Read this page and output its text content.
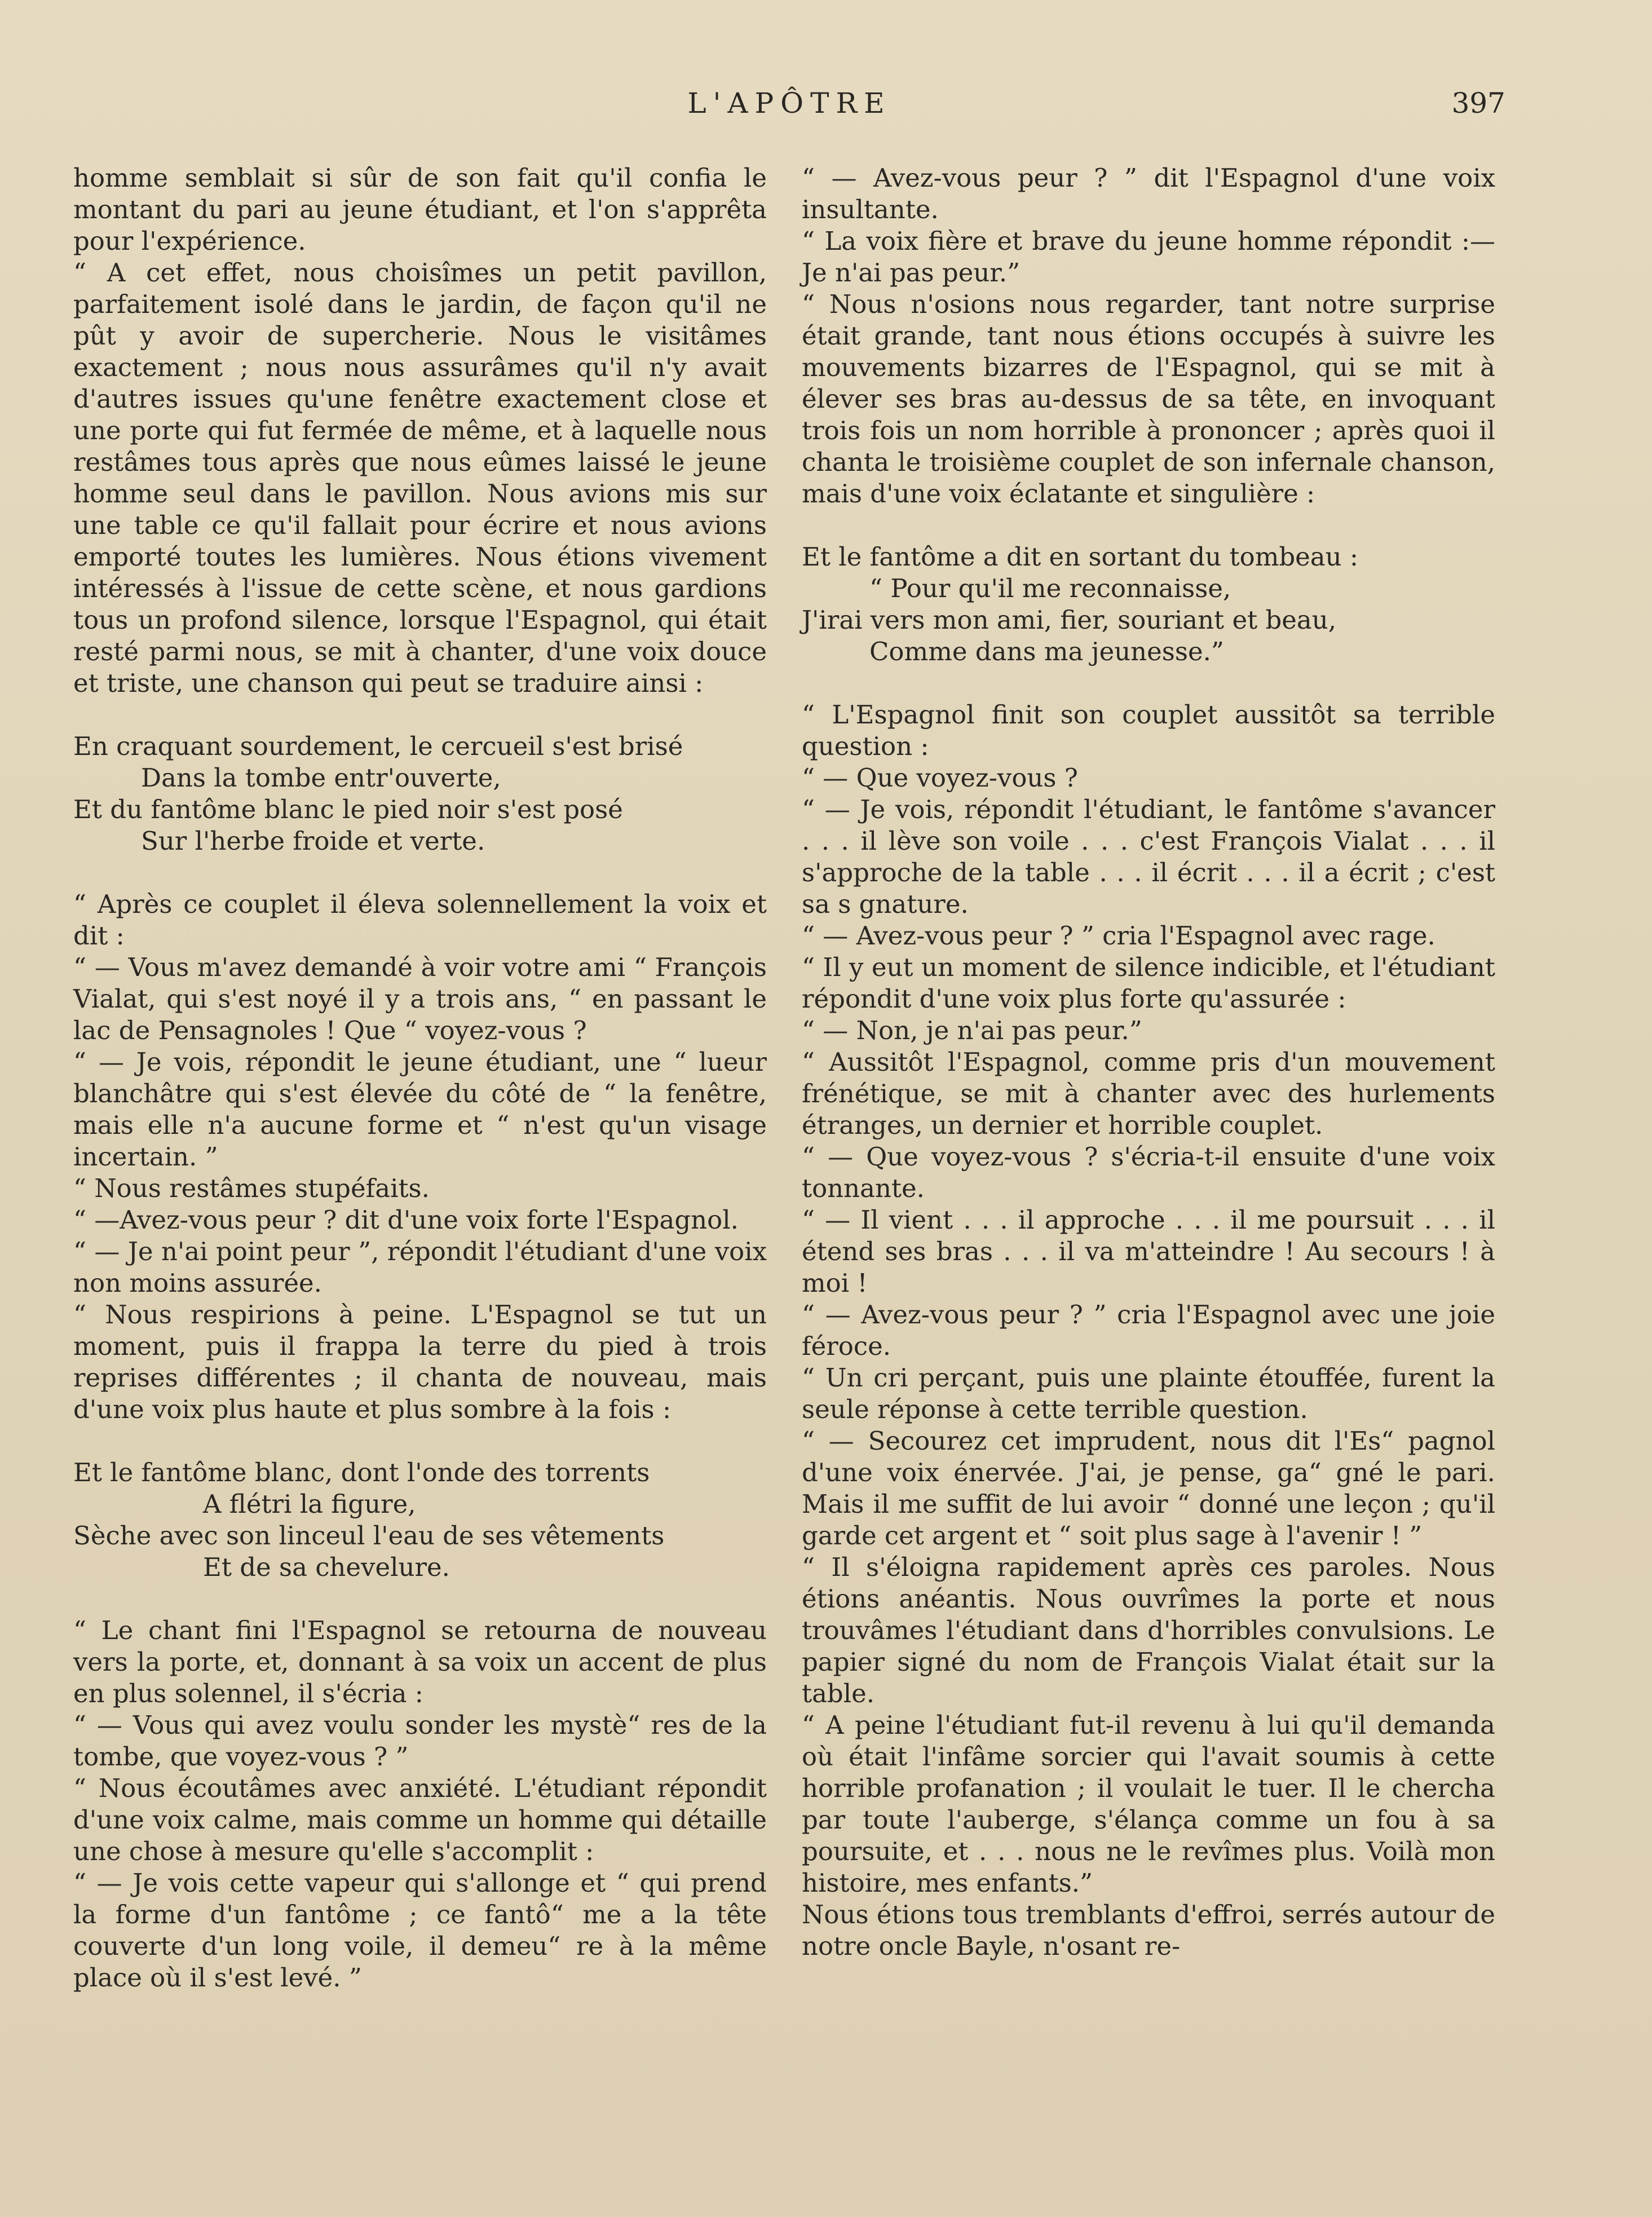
L'APÔTRE	397

homme semblait si sûr de son fait qu'il confia le montant du pari au jeune étudiant, et l'on s'apprêta pour l'expérience.

“ A cet effet, nous choisîmes un petit pavillon, parfaitement isolé dans le jardin, de façon qu'il ne pût y avoir de supercherie. Nous le visitâmes exactement ; nous nous assurâmes qu'il n'y avait d'autres issues qu'une fenêtre exactement close et une porte qui fut fermée de même, et à laquelle nous restâmes tous après que nous eûmes laissé le jeune homme seul dans le pavillon. Nous avions mis sur une table ce qu'il fallait pour écrire et nous avions emporté toutes les lumières. Nous étions vivement intéressés à l'issue de cette scène, et nous gardions tous un profond silence, lorsque l'Espagnol, qui était resté parmi nous, se mit à chanter, d'une voix douce et triste, une chanson qui peut se traduire ainsi :

En craquant sourdement, le cercueil s'est brisé

Dans la tombe entr'ouverte,

Et du fantôme blanc le pied noir s'est posé

Sur l'herbe froide et verte.

“ Après ce couplet il éleva solennellement la voix et dit :

“ — Vous m'avez demandé à voir votre ami “ François Vialat, qui s'est noyé il y a trois ans, “ en passant le lac de Pensagnoles ! Que “ voyez-vous ?

“ — Je vois, répondit le jeune étudiant, une “ lueur blanchâtre qui s'est élevée du côté de “ la fenêtre, mais elle n'a aucune forme et “ n'est qu'un visage incertain. ”

“ Nous restâmes stupéfaits.

“ —Avez-vous peur ? dit d'une voix forte l'Espagnol.

“ — Je n'ai point peur ”, répondit l'étudiant d'une voix non moins assurée.

“ Nous respirions à peine. L'Espagnol se tut un moment, puis il frappa la terre du pied à trois reprises différentes ; il chanta de nouveau, mais d'une voix plus haute et plus sombre à la fois :

Et le fantôme blanc, dont l'onde des torrents

A flétri la figure,

Sèche avec son linceul l'eau de ses vêtements

Et de sa chevelure.

“ Le chant fini l'Espagnol se retourna de nouveau vers la porte, et, donnant à sa voix un accent de plus en plus solennel, il s'écria :

“ — Vous qui avez voulu sonder les mystè“ res de la tombe, que voyez-vous ? ”

“ Nous écoutâmes avec anxiété. L'étudiant répondit d'une voix calme, mais comme un homme qui détaille une chose à mesure qu'elle s'accomplit :

“ — Je vois cette vapeur qui s'allonge et “ qui prend la forme d'un fantôme ; ce fantô“ me a la tête couverte d'un long voile, il demeu“ re à la même place où il s'est levé. ”

“ — Avez-vous peur ? ” dit l'Espagnol d'une voix insultante.

“ La voix fière et brave du jeune homme répondit :—Je n'ai pas peur.”

“ Nous n'osions nous regarder, tant notre surprise était grande, tant nous étions occupés à suivre les mouvements bizarres de l'Espagnol, qui se mit à élever ses bras au-dessus de sa tête, en invoquant trois fois un nom horrible à prononcer ; après quoi il chanta le troisième couplet de son infernale chanson, mais d'une voix éclatante et singulière :

Et le fantôme a dit en sortant du tombeau :

“ Pour qu'il me reconnaisse,

J'irai vers mon ami, fier, souriant et beau,

Comme dans ma jeunesse.”

“ L'Espagnol finit son couplet aussitôt sa terrible question :

“ — Que voyez-vous ?

“ — Je vois, répondit l'étudiant, le fantôme s'avancer . . . il lève son voile . . . c'est François Vialat . . . il s'approche de la table . . . il écrit . . . il a écrit ; c'est sa s gnature.

“ — Avez-vous peur ? ” cria l'Espagnol avec rage.

“ Il y eut un moment de silence indicible, et l'étudiant répondit d'une voix plus forte qu'assurée :

“ — Non, je n'ai pas peur.”

“ Aussitôt l'Espagnol, comme pris d'un mouvement frénétique, se mit à chanter avec des hurlements étranges, un dernier et horrible couplet.

“ — Que voyez-vous ? s'écria-t-il ensuite d'une voix tonnante.

“ — Il vient . . . il approche . . . il me poursuit . . . il étend ses bras . . . il va m'atteindre ! Au secours ! à moi !

“ — Avez-vous peur ? ” cria l'Espagnol avec une joie féroce.

“ Un cri perçant, puis une plainte étouffée, furent la seule réponse à cette terrible question.

“ — Secourez cet imprudent, nous dit l'Es“ pagnol d'une voix énervée. J'ai, je pense, ga“ gné le pari. Mais il me suffit de lui avoir “ donné une leçon ; qu'il garde cet argent et “ soit plus sage à l'avenir ! ”

“ Il s'éloigna rapidement après ces paroles. Nous étions anéantis. Nous ouvrîmes la porte et nous trouvâmes l'étudiant dans d'horribles convulsions. Le papier signé du nom de François Vialat était sur la table.

“ A peine l'étudiant fut-il revenu à lui qu'il demanda où était l'infâme sorcier qui l'avait soumis à cette horrible profanation ; il voulait le tuer. Il le chercha par toute l'auberge, s'élança comme un fou à sa poursuite, et . . . nous ne le revîmes plus. Voilà mon histoire, mes enfants.”

Nous étions tous tremblants d'effroi, serrés autour de notre oncle Bayle, n'osant re-
